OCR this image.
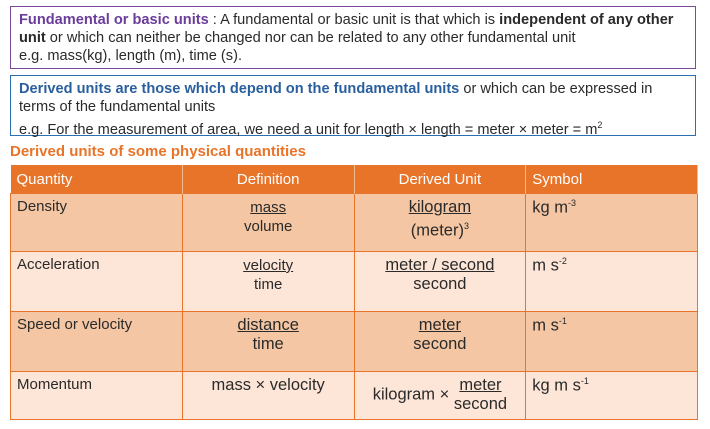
Fundamental or basic units : A fundamental or basic unit is that which is independent of any other unit or which can neither be changed nor can be related to any other fundamental unit
e.g. mass(kg), length (m), time (s).
Derived units are those which depend on the fundamental units or which can be expressed in terms of the fundamental units
e.g. For the measurement of area, we need a unit for length × length = meter × meter = $m^2$
Derived units of some physical quantities
Quantity	Definition	Derived Unit	Symbol
Density	$\frac{\text{mass}}{\text{volume}}$	$\frac{\text{kilogram}}{(meter)^3}$	kg $m^{-3}$
Acceleration	$\frac{\text{velocity}}{\text{time}}$	$\frac{\text{meter / second}}{\text{second}}$	m $s^{-2}$
Speed or velocity	$\frac{\text{distance}}{\text{time}}$	$\frac{\text{meter}}{\text{second}}$	m $s^{-1}$
Momentum	mass × velocity	kilogram × $\frac{\text{meter}}{\text{second}}$	kg m $s^{-1}$
